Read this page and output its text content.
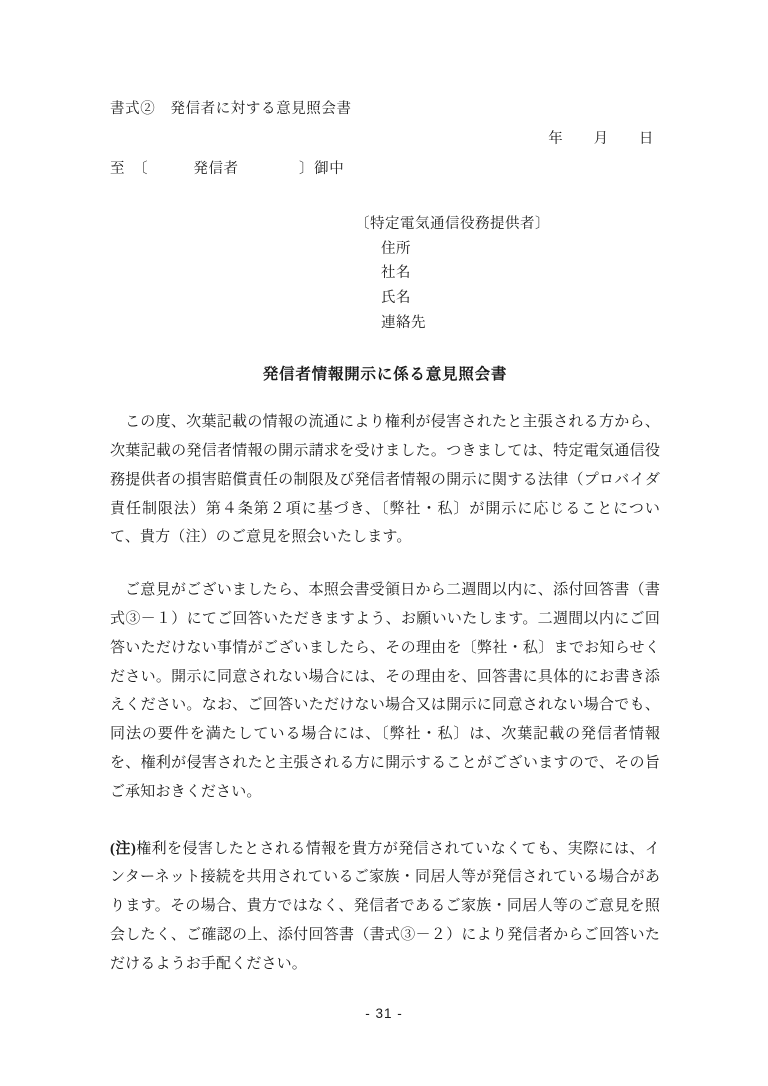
書式②　発信者に対する意見照会書
年　　月　　日
至　〔　　　発信者　　　　〕御中
〔特定電気通信役務提供者〕
住所
社名
氏名
連絡先
発信者情報開示に係る意見照会書
この度、次葉記載の情報の流通により権利が侵害されたと主張される方から、次葉記載の発信者情報の開示請求を受けました。つきましては、特定電気通信役務提供者の損害賠償責任の制限及び発信者情報の開示に関する法律（プロバイダ責任制限法）第４条第２項に基づき、〔弊社・私〕が開示に応じることについて、貴方（注）のご意見を照会いたします。
ご意見がございましたら、本照会書受領日から二週間以内に、添付回答書（書式③－１）にてご回答いただきますよう、お願いいたします。二週間以内にご回答いただけない事情がございましたら、その理由を〔弊社・私〕までお知らせください。開示に同意されない場合には、その理由を、回答書に具体的にお書き添えください。なお、ご回答いただけない場合又は開示に同意されない場合でも、同法の要件を満たしている場合には、〔弊社・私〕は、次葉記載の発信者情報を、権利が侵害されたと主張される方に開示することがございますので、その旨ご承知おきください。
(注)権利を侵害したとされる情報を貴方が発信されていなくても、実際には、インターネット接続を共用されているご家族・同居人等が発信されている場合があります。その場合、貴方ではなく、発信者であるご家族・同居人等のご意見を照会したく、ご確認の上、添付回答書（書式③－２）により発信者からご回答いただけるようお手配ください。
- 31 -
